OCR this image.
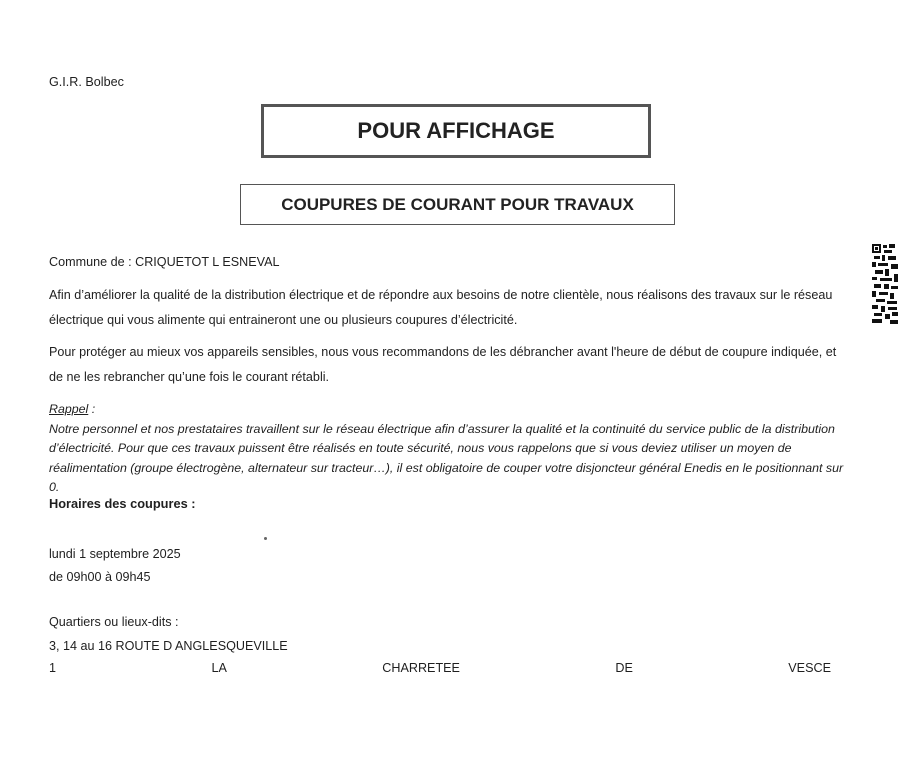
G.I.R. Bolbec
POUR AFFICHAGE
COUPURES DE COURANT POUR TRAVAUX
Commune de : CRIQUETOT L ESNEVAL
Afin d’améliorer la qualité de la distribution électrique et de répondre aux besoins de notre clientèle, nous réalisons des travaux sur le réseau électrique qui vous alimente qui entraineront une ou plusieurs coupures d’électricité.
Pour protéger au mieux vos appareils sensibles, nous vous recommandons de les débrancher avant l'heure de début de coupure indiquée, et de ne les rebrancher qu’une fois le courant rétabli.
Rappel :
Notre personnel et nos prestataires travaillent sur le réseau électrique afin d’assurer la qualité et la continuité du service public de la distribution d’électricité. Pour que ces travaux puissent être réalisés en toute sécurité, nous vous rappelons que si vous deviez utiliser un moyen de réalimentation (groupe électrogène, alternateur sur tracteur…), il est obligatoire de couper votre disjoncteur général Enedis en le positionnant sur 0.
Horaires des coupures :
lundi 1 septembre 2025
de 09h00 à 09h45
Quartiers ou lieux-dits :
3, 14 au 16 ROUTE D ANGLESQUEVILLE
1	LA	CHARRETEE	DE	VESCE
